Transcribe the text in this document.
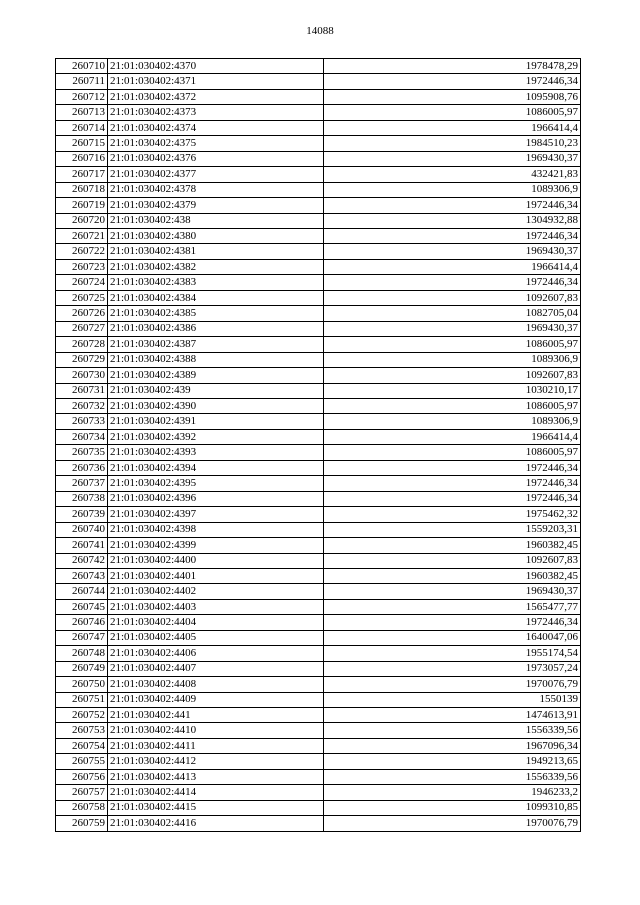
14088
260710	21:01:030402:4370	1978478,29
260711	21:01:030402:4371	1972446,34
260712	21:01:030402:4372	1095908,76
260713	21:01:030402:4373	1086005,97
260714	21:01:030402:4374	1966414,4
260715	21:01:030402:4375	1984510,23
260716	21:01:030402:4376	1969430,37
260717	21:01:030402:4377	432421,83
260718	21:01:030402:4378	1089306,9
260719	21:01:030402:4379	1972446,34
260720	21:01:030402:438	1304932,88
260721	21:01:030402:4380	1972446,34
260722	21:01:030402:4381	1969430,37
260723	21:01:030402:4382	1966414,4
260724	21:01:030402:4383	1972446,34
260725	21:01:030402:4384	1092607,83
260726	21:01:030402:4385	1082705,04
260727	21:01:030402:4386	1969430,37
260728	21:01:030402:4387	1086005,97
260729	21:01:030402:4388	1089306,9
260730	21:01:030402:4389	1092607,83
260731	21:01:030402:439	1030210,17
260732	21:01:030402:4390	1086005,97
260733	21:01:030402:4391	1089306,9
260734	21:01:030402:4392	1966414,4
260735	21:01:030402:4393	1086005,97
260736	21:01:030402:4394	1972446,34
260737	21:01:030402:4395	1972446,34
260738	21:01:030402:4396	1972446,34
260739	21:01:030402:4397	1975462,32
260740	21:01:030402:4398	1559203,31
260741	21:01:030402:4399	1960382,45
260742	21:01:030402:4400	1092607,83
260743	21:01:030402:4401	1960382,45
260744	21:01:030402:4402	1969430,37
260745	21:01:030402:4403	1565477,77
260746	21:01:030402:4404	1972446,34
260747	21:01:030402:4405	1640047,06
260748	21:01:030402:4406	1955174,54
260749	21:01:030402:4407	1973057,24
260750	21:01:030402:4408	1970076,79
260751	21:01:030402:4409	1550139
260752	21:01:030402:441	1474613,91
260753	21:01:030402:4410	1556339,56
260754	21:01:030402:4411	1967096,34
260755	21:01:030402:4412	1949213,65
260756	21:01:030402:4413	1556339,56
260757	21:01:030402:4414	1946233,2
260758	21:01:030402:4415	1099310,85
260759	21:01:030402:4416	1970076,79
